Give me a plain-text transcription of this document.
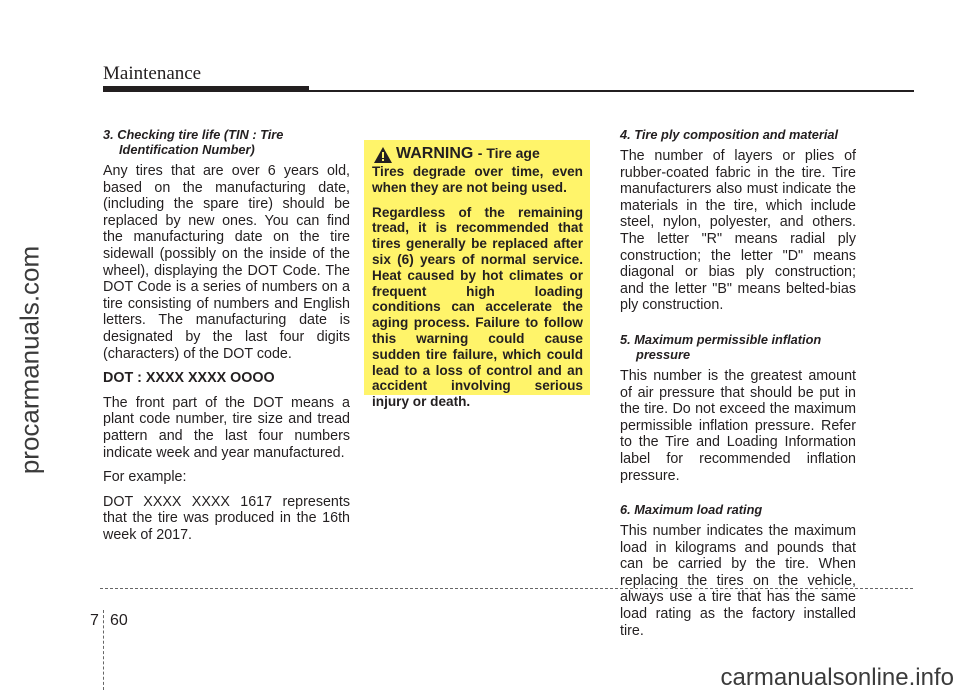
Maintenance
procarmanuals.com
3. Checking tire life (TIN : Tire
Identification Number)

Any tires that are over 6 years old, based on the manufacturing date, (including the spare tire) should be replaced by new ones. You can find the manufacturing date on the tire sidewall (possibly on the inside of the wheel), displaying the DOT Code. The DOT Code is a series of numbers on a tire consisting of numbers and English letters. The manufacturing date is designated by the last four digits (characters) of the DOT code.

DOT : XXXX XXXX OOOO

The front part of the DOT means a plant code number, tire size and tread pattern and the last four numbers indicate week and year manufactured.

For example:

DOT XXXX XXXX 1617 represents that the tire was produced in the 16th week of 2017.

WARNING - Tire age

Tires degrade over time, even when they are not being used.

Regardless of the remaining tread, it is recommended that tires generally be replaced after six (6) years of normal service. Heat caused by hot climates or frequent high loading conditions can accelerate the aging process. Failure to follow this warning could cause sudden tire failure, which could lead to a loss of control and an accident involving serious injury or death.

4. Tire ply composition and material

The number of layers or plies of rubber-coated fabric in the tire. Tire manufacturers also must indicate the materials in the tire, which include steel, nylon, polyester, and others. The letter "R" means radial ply construction; the letter "D" means diagonal or bias ply construction; and the letter "B" means belted-bias ply construction.

5. Maximum permissible inflation
pressure

This number is the greatest amount of air pressure that should be put in the tire. Do not exceed the maximum permissible inflation pressure. Refer to the Tire and Loading Information label for recommended inflation pressure.

6. Maximum load rating

This number indicates the maximum load in kilograms and pounds that can be carried by the tire. When replacing the tires on the vehicle, always use a tire that has the same load rating as the factory installed tire.

7 60
carmanualsonline.info
